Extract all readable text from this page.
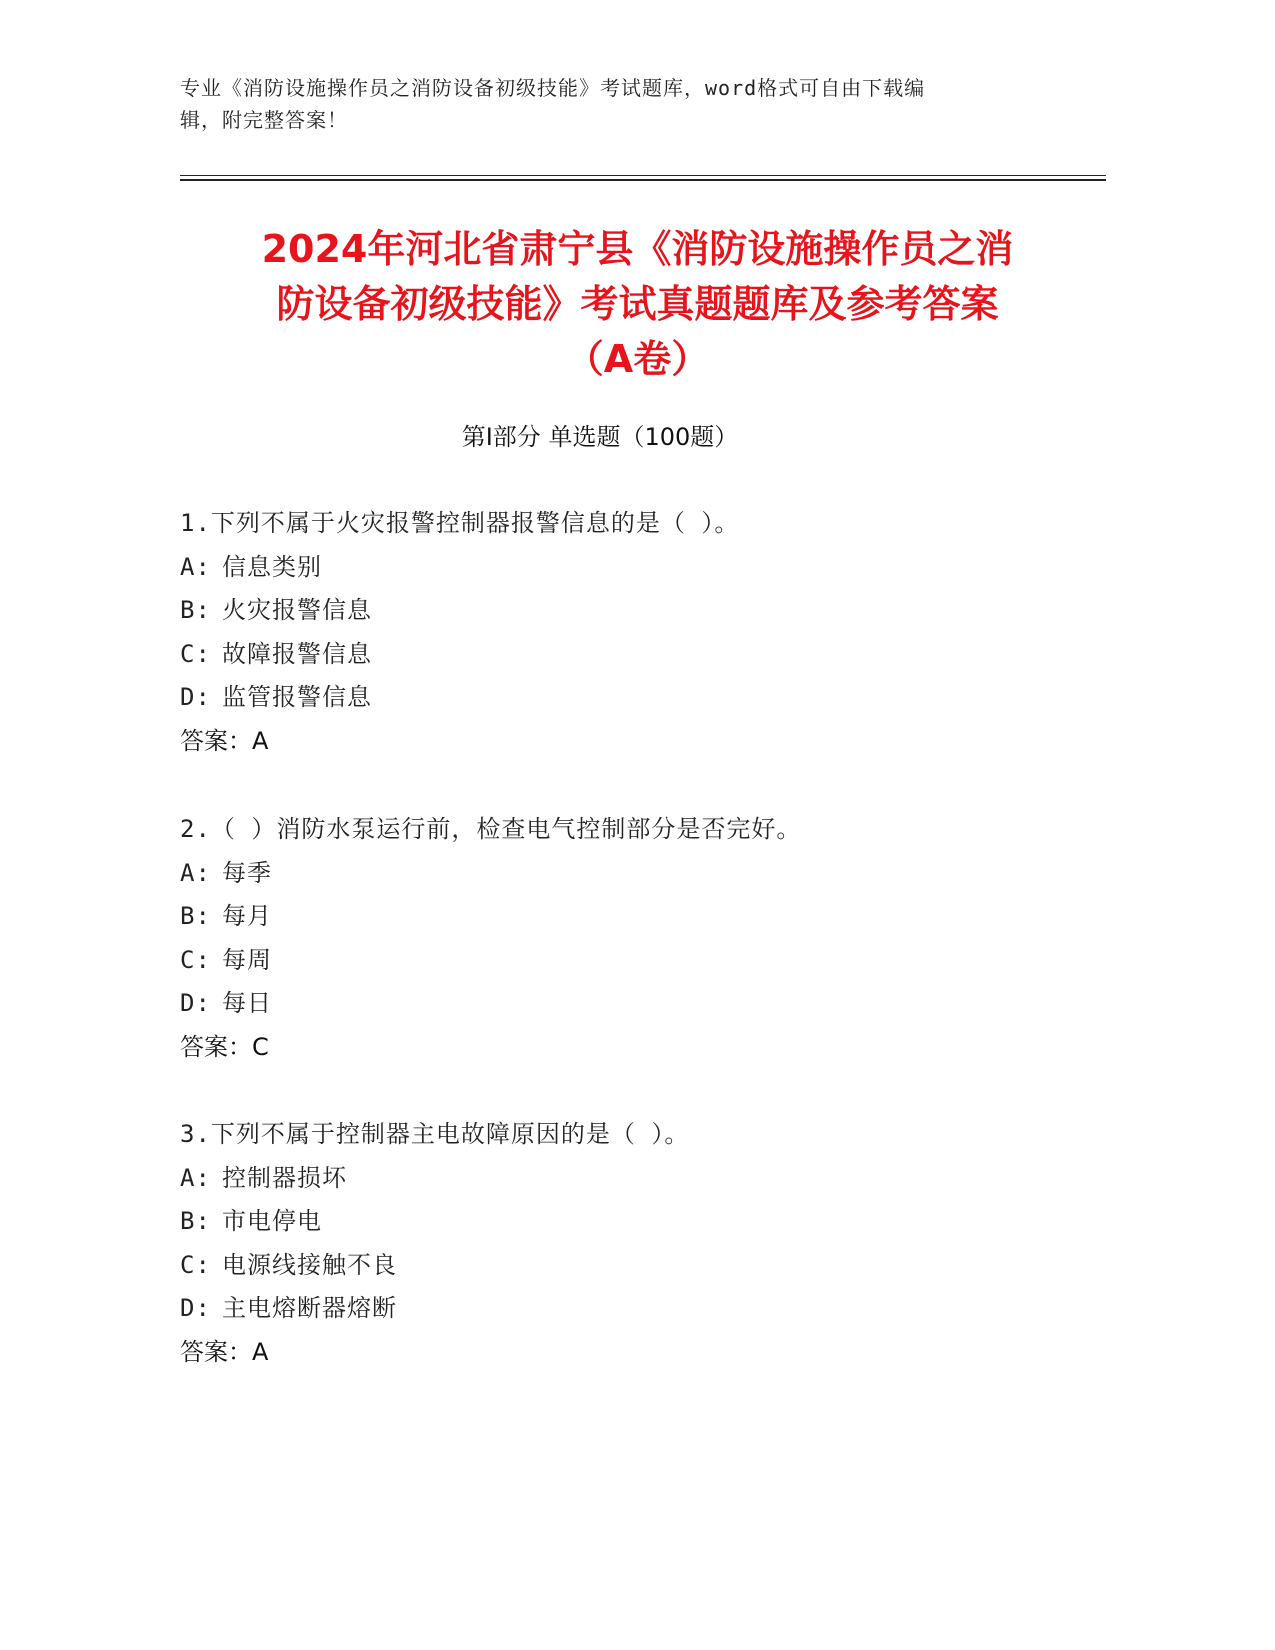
专业《消防设施操作员之消防设备初级技能》考试题库，word格式可自由下载编
辑，附完整答案！
2024年河北省肃宁县《消防设施操作员之消
防设备初级技能》考试真题题库及参考答案
（A卷）
第Ⅰ部分 单选题（100题）
1.下列不属于火灾报警控制器报警信息的是（ ）。
A: 信息类别
B: 火灾报警信息
C: 故障报警信息
D: 监管报警信息
答案：A
2.（ ）消防水泵运行前，检查电气控制部分是否完好。
A: 每季
B: 每月
C: 每周
D: 每日
答案：C
3.下列不属于控制器主电故障原因的是（ ）。
A: 控制器损坏
B: 市电停电
C: 电源线接触不良
D: 主电熔断器熔断
答案：A
